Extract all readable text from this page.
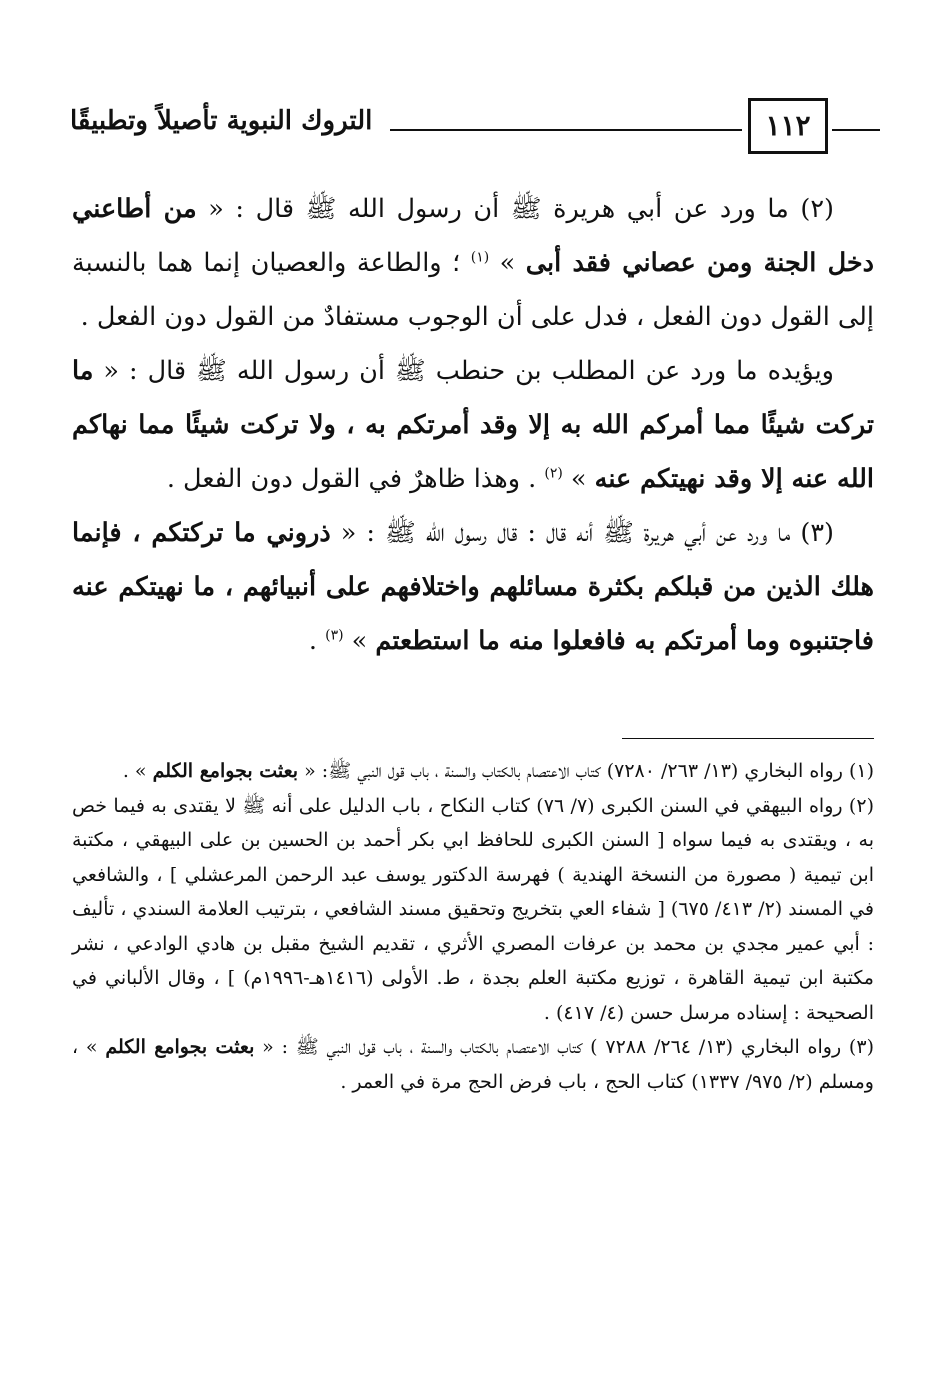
التروك النبوية تأصيلاً وتطبيقًا	١١٢

(٢) ما ورد عن أبي هريرة ﷺ أن رسول الله ﷺ قال : « من أطاعني دخل الجنة ومن عصاني فقد أبى » $^{(١)}$ ؛ والطاعة والعصيان إنما هما بالنسبة إلى القول دون الفعل ، فدل على أن الوجوب مستفادٌ من القول دون الفعل .

ويؤيده ما ورد عن المطلب بن حنطب ﷺ أن رسول الله ﷺ قال : « ما تركت شيئًا مما أمركم الله به إلا وقد أمرتكم به ، ولا تركت شيئًا مما نهاكم الله عنه إلا وقد نهيتكم عنه » $^{(٢)}$ . وهذا ظاهرٌ في القول دون الفعل .

(٣) ما ورد عن أبي هريرة ﷺ أنه قال : قال رسول الله ﷺ : « ذروني ما تركتكم ، فإنما هلك الذين من قبلكم بكثرة مسائلهم واختلافهم على أنبيائهم ، ما نهيتكم عنه فاجتنبوه وما أمرتكم به فافعلوا منه ما استطعتم » $^{(٣)}$ .

(١) رواه البخاري (١٣/ ٢٦٣/ ٧٢٨٠) كتاب الاعتصام بالكتاب والسنة ، باب قول النبي ﷺ: « بعثت بجوامع الكلم » .

(٢) رواه البيهقي في السنن الكبرى (٧/ ٧٦) كتاب النكاح ، باب الدليل على أنه ﷺ لا يقتدى به فيما خص به ، ويقتدى به فيما سواه [ السنن الكبرى للحافظ ابي بكر أحمد بن الحسين بن على البيهقي ، مكتبة ابن تيمية ( مصورة من النسخة الهندية ) فهرسة الدكتور يوسف عبد الرحمن المرعشلي ] ، والشافعي في المسند (٢/ ٤١٣/ ٦٧٥) [ شفاء العي بتخريج وتحقيق مسند الشافعي ، بترتيب العلامة السندي ، تأليف : أبي عمير مجدي بن محمد بن عرفات المصري الأثري ، تقديم الشيخ مقبل بن هادي الوادعي ، نشر مكتبة ابن تيمية القاهرة ، توزيع مكتبة العلم بجدة ، ط. الأولى (١٤١٦هـ-١٩٩٦م) ] ، وقال الألباني في الصحيحة : إسناده مرسل حسن (٤/ ٤١٧) .

(٣) رواه البخاري (١٣/ ٢٦٤/ ٧٢٨٨ ) كتاب الاعتصام بالكتاب والسنة ، باب قول النبي ﷺ : « بعثت بجوامع الكلم » ، ومسلم (٢/ ٩٧٥/ ١٣٣٧) كتاب الحج ، باب فرض الحج مرة في العمر .
